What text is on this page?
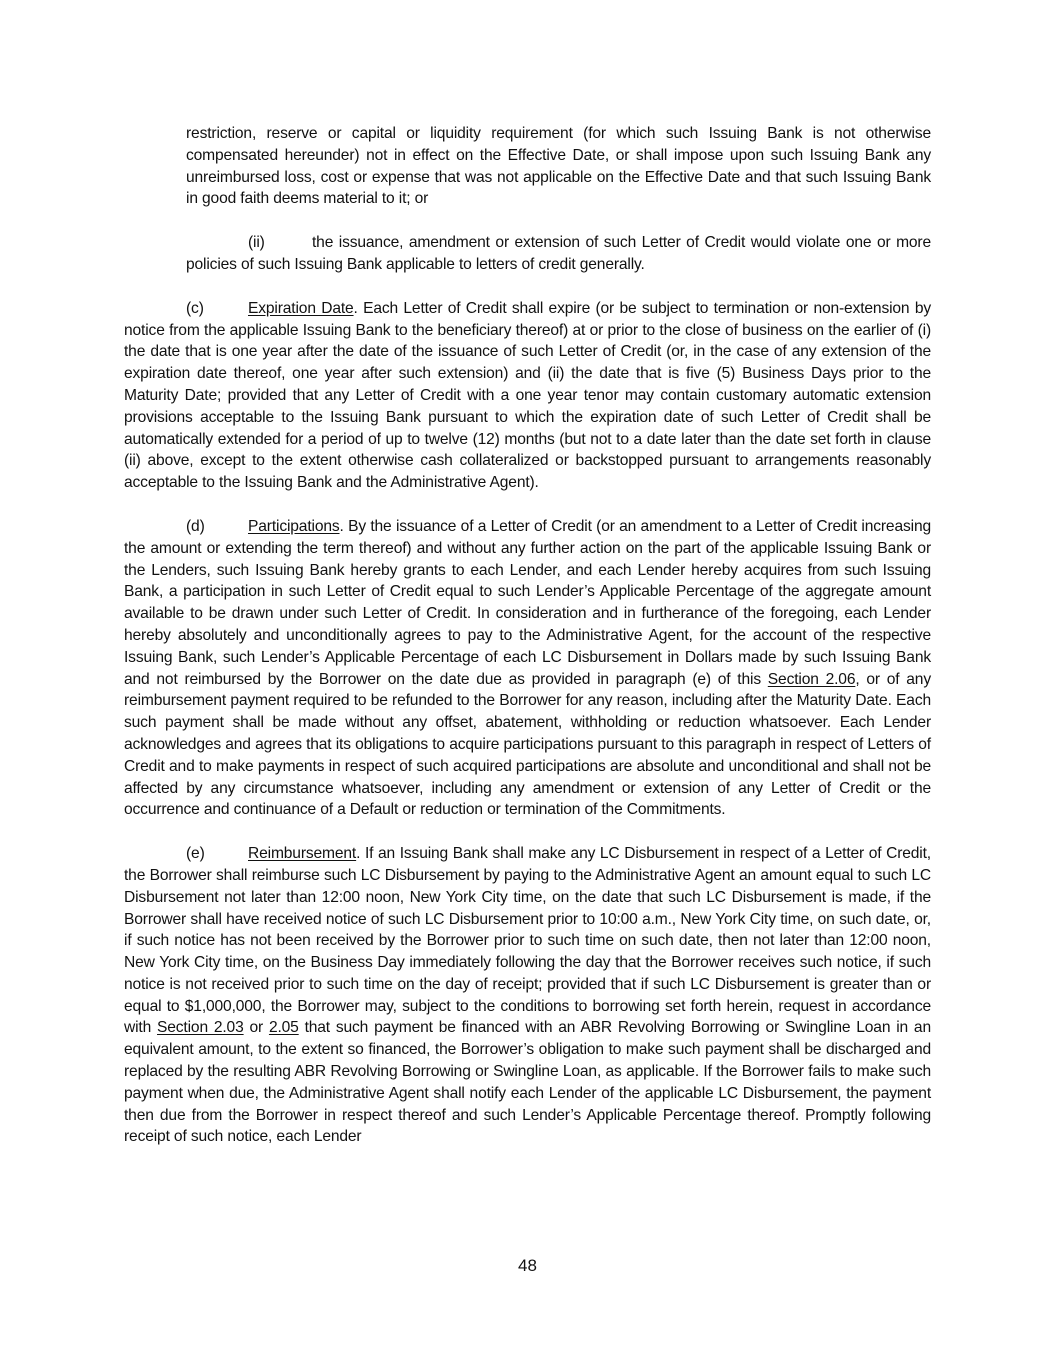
restriction, reserve or capital or liquidity requirement (for which such Issuing Bank is not otherwise compensated hereunder) not in effect on the Effective Date, or shall impose upon such Issuing Bank any unreimbursed loss, cost or expense that was not applicable on the Effective Date and that such Issuing Bank in good faith deems material to it; or

(ii)	the issuance, amendment or extension of such Letter of Credit would violate one or more policies of such Issuing Bank applicable to letters of credit generally.

(c)	Expiration Date. Each Letter of Credit shall expire (or be subject to termination or non-extension by notice from the applicable Issuing Bank to the beneficiary thereof) at or prior to the close of business on the earlier of (i) the date that is one year after the date of the issuance of such Letter of Credit (or, in the case of any extension of the expiration date thereof, one year after such extension) and (ii) the date that is five (5) Business Days prior to the Maturity Date; provided that any Letter of Credit with a one year tenor may contain customary automatic extension provisions acceptable to the Issuing Bank pursuant to which the expiration date of such Letter of Credit shall be automatically extended for a period of up to twelve (12) months (but not to a date later than the date set forth in clause (ii) above, except to the extent otherwise cash collateralized or backstopped pursuant to arrangements reasonably acceptable to the Issuing Bank and the Administrative Agent).

(d)	Participations. By the issuance of a Letter of Credit (or an amendment to a Letter of Credit increasing the amount or extending the term thereof) and without any further action on the part of the applicable Issuing Bank or the Lenders, such Issuing Bank hereby grants to each Lender, and each Lender hereby acquires from such Issuing Bank, a participation in such Letter of Credit equal to such Lender’s Applicable Percentage of the aggregate amount available to be drawn under such Letter of Credit. In consideration and in furtherance of the foregoing, each Lender hereby absolutely and unconditionally agrees to pay to the Administrative Agent, for the account of the respective Issuing Bank, such Lender’s Applicable Percentage of each LC Disbursement in Dollars made by such Issuing Bank and not reimbursed by the Borrower on the date due as provided in paragraph (e) of this Section 2.06, or of any reimbursement payment required to be refunded to the Borrower for any reason, including after the Maturity Date. Each such payment shall be made without any offset, abatement, withholding or reduction whatsoever. Each Lender acknowledges and agrees that its obligations to acquire participations pursuant to this paragraph in respect of Letters of Credit and to make payments in respect of such acquired participations are absolute and unconditional and shall not be affected by any circumstance whatsoever, including any amendment or extension of any Letter of Credit or the occurrence and continuance of a Default or reduction or termination of the Commitments.

(e)	Reimbursement. If an Issuing Bank shall make any LC Disbursement in respect of a Letter of Credit, the Borrower shall reimburse such LC Disbursement by paying to the Administrative Agent an amount equal to such LC Disbursement not later than 12:00 noon, New York City time, on the date that such LC Disbursement is made, if the Borrower shall have received notice of such LC Disbursement prior to 10:00 a.m., New York City time, on such date, or, if such notice has not been received by the Borrower prior to such time on such date, then not later than 12:00 noon, New York City time, on the Business Day immediately following the day that the Borrower receives such notice, if such notice is not received prior to such time on the day of receipt; provided that if such LC Disbursement is greater than or equal to $1,000,000, the Borrower may, subject to the conditions to borrowing set forth herein, request in accordance with Section 2.03 or 2.05 that such payment be financed with an ABR Revolving Borrowing or Swingline Loan in an equivalent amount, to the extent so financed, the Borrower’s obligation to make such payment shall be discharged and replaced by the resulting ABR Revolving Borrowing or Swingline Loan, as applicable. If the Borrower fails to make such payment when due, the Administrative Agent shall notify each Lender of the applicable LC Disbursement, the payment then due from the Borrower in respect thereof and such Lender’s Applicable Percentage thereof. Promptly following receipt of such notice, each Lender

48
